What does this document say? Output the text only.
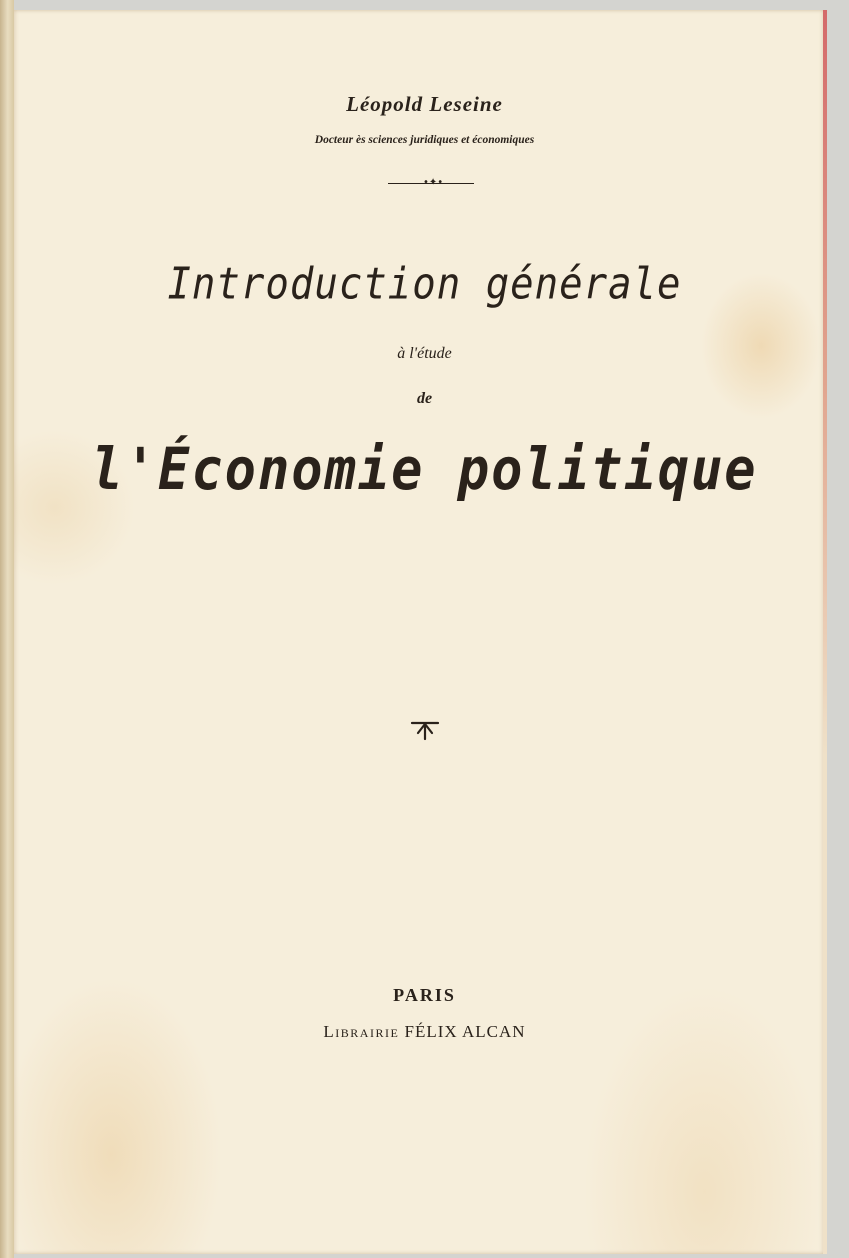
Léopold Leseine
Docteur ès sciences juridiques et économiques
•✦•
Introduction générale
à l'étude
de
l'Économie politique
PARIS
Librairie FÉLIX ALCAN
